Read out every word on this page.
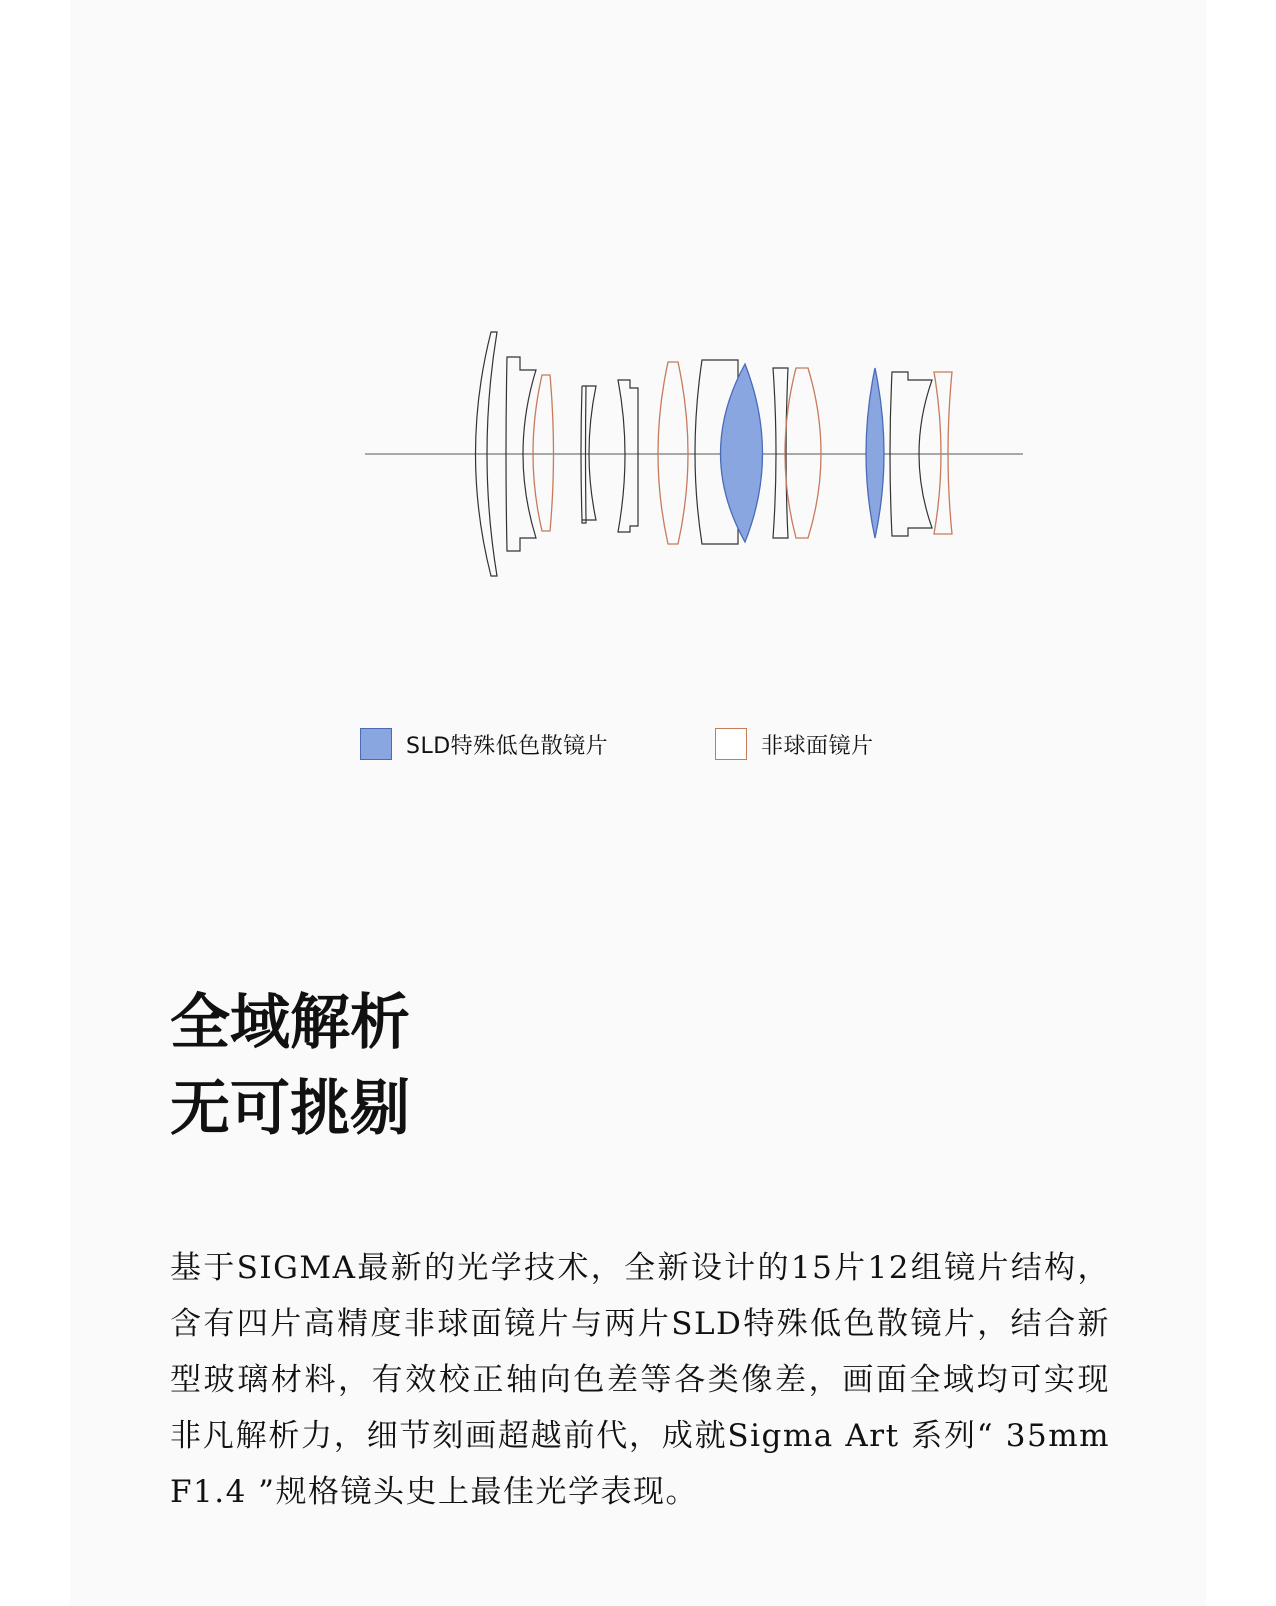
SLD特殊低色散镜片	非球面镜片
全域解析
无可挑剔
基于SIGMA最新的光学技术，全新设计的15片12组镜片结构，含有四片高精度非球面镜片与两片SLD特殊低色散镜片，结合新型玻璃材料，有效校正轴向色差等各类像差，画面全域均可实现非凡解析力，细节刻画超越前代，成就Sigma Art 系列“ 35mm F1.4 ”规格镜头史上最佳光学表现。
